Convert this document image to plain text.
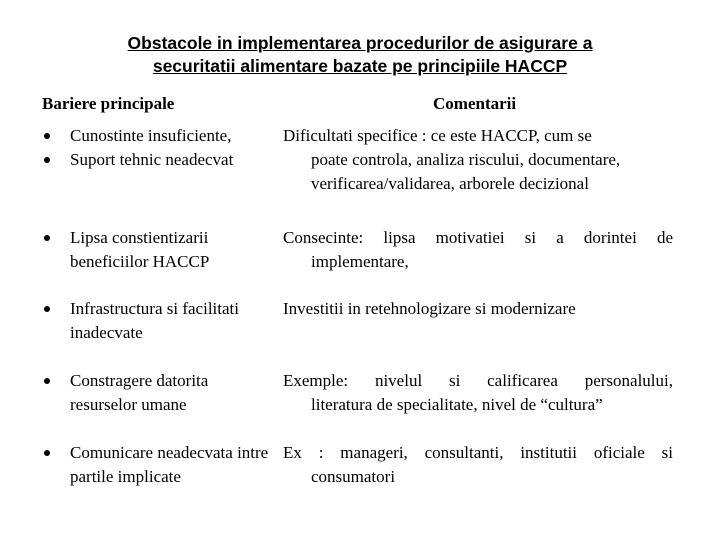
Obstacole in implementarea procedurilor de asigurare a
securitatii alimentare bazate pe principiile HACCP
Bariere principale	Comentarii
Cunostinte insuficiente,
Suport tehnic neadecvat
Dificultati specifice : ce este HACCP, cum se
poate controla, analiza riscului, documentare,
verificarea/validarea, arborele decizional
Lipsa constientizarii beneficiilor HACCP
Consecinte: lipsa motivatiei si a dorintei de
implementare,
Infrastructura si facilitati inadecvate
Investitii in retehnologizare si modernizare
Constragere datorita resurselor umane
Exemple: nivelul si calificarea personalului,
literatura de specialitate, nivel de “cultura”
Comunicare neadecvata intre partile implicate
Ex : manageri, consultanti, institutii oficiale si
consumatori
